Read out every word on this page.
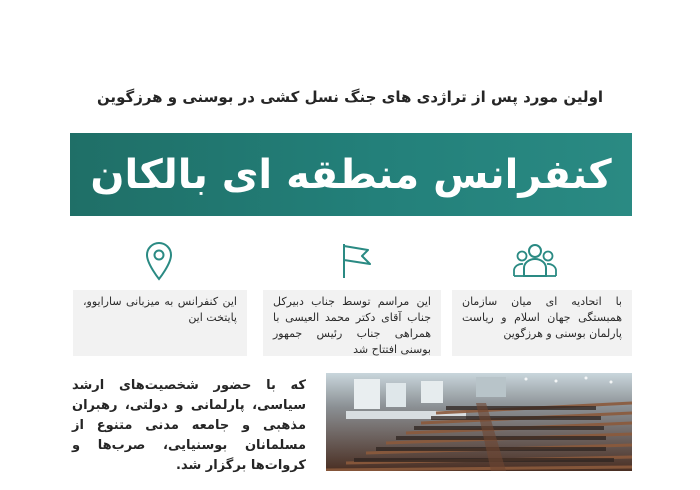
اولین مورد پس از تراژدی های جنگ نسل کشی در بوسنی و هرزگوین
کنفرانس منطقه ای بالکان
این کنفرانس به میزبانی سارایوو، پایتخت این
این مراسم توسط جناب دبیرکل جناب آقای دکتر محمد العیسی با همراهی جناب رئیس جمهور بوسنی افتتاح شد
با اتحادیه ای میان سازمان همبستگی جهان اسلام و ریاست پارلمان بوسنی و هرزگوین
که با حضور شخصیت‌های ارشد سیاسی، پارلمانی و دولتی، رهبران مذهبی و جامعه مدنی متنوع از مسلمانان بوسنیایی، صرب‌ها و کروات‌ها برگزار شد.
